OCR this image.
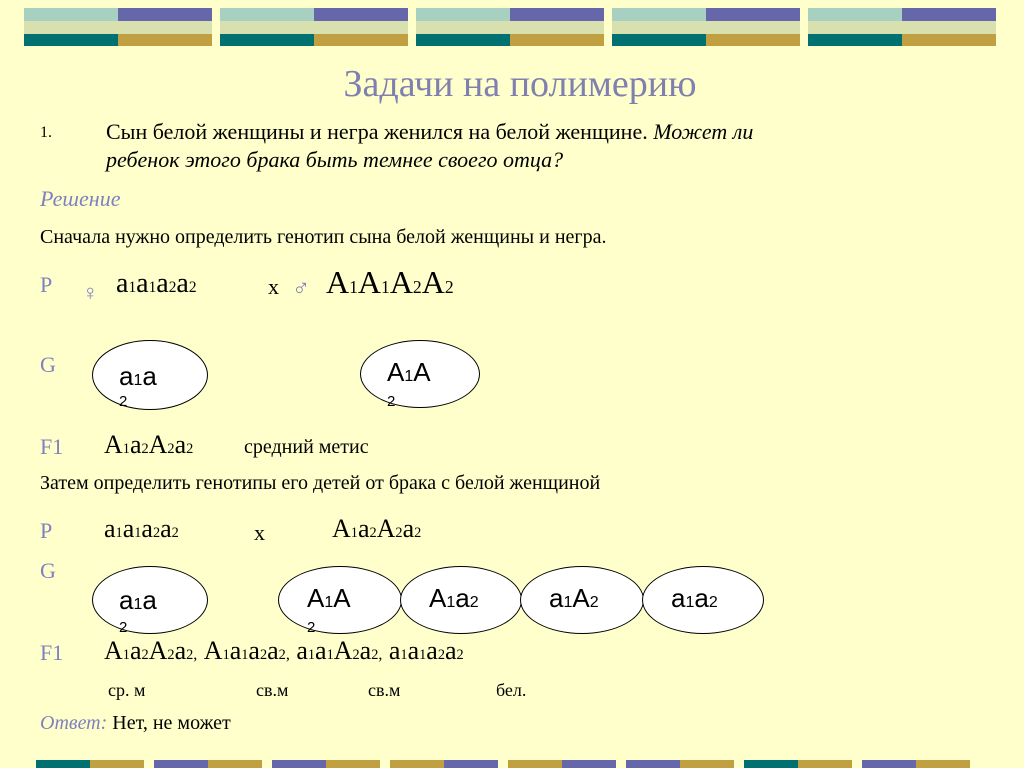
Задачи на полимерию
1. Сын белой женщины и негра женился на белой женщине. Может ли
ребенок этого брака быть темнее своего отца?
Решение
Сначала нужно определить генотип сына белой женщины и негра.
P ♀ а1а1а2а2	х ♂ А1А1А2А2
G а1а
2
А1А
2
F1 А1а2А2а2	средний метис
Затем определить генотипы его детей от брака с белой женщиной
P а1а1а2а2	х	А1а2А2а2
G
а1а
2
А1А
2
А1а2	а1А2	а1а2
F1 А1а2А2а2, А1а1а2а2, а1а1А2а2, а1а1а2а2
ср. м	св.м	св.м	бел.
Ответ: Нет, не может
